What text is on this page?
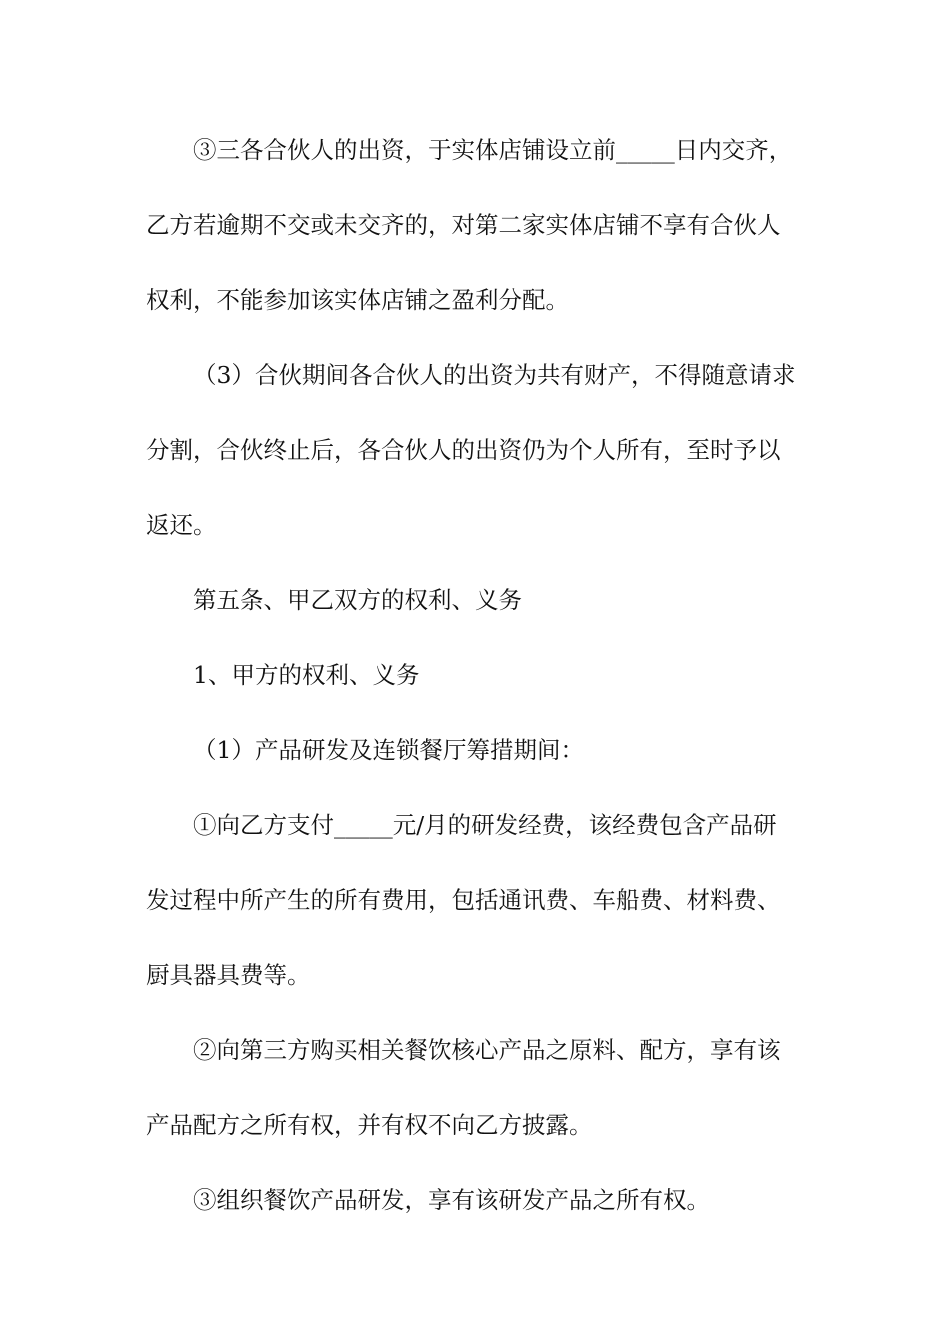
③三各合伙人的出资，于实体店铺设立前_____日内交齐，
乙方若逾期不交或未交齐的，对第二家实体店铺不享有合伙人
权利，不能参加该实体店铺之盈利分配。
（3）合伙期间各合伙人的出资为共有财产，不得随意请求
分割，合伙终止后，各合伙人的出资仍为个人所有，至时予以
返还。
第五条、甲乙双方的权利、义务
1、甲方的权利、义务
（1）产品研发及连锁餐厅筹措期间：
①向乙方支付_____元/月的研发经费，该经费包含产品研
发过程中所产生的所有费用，包括通讯费、车船费、材料费、
厨具器具费等。
②向第三方购买相关餐饮核心产品之原料、配方，享有该
产品配方之所有权，并有权不向乙方披露。
③组织餐饮产品研发，享有该研发产品之所有权。
